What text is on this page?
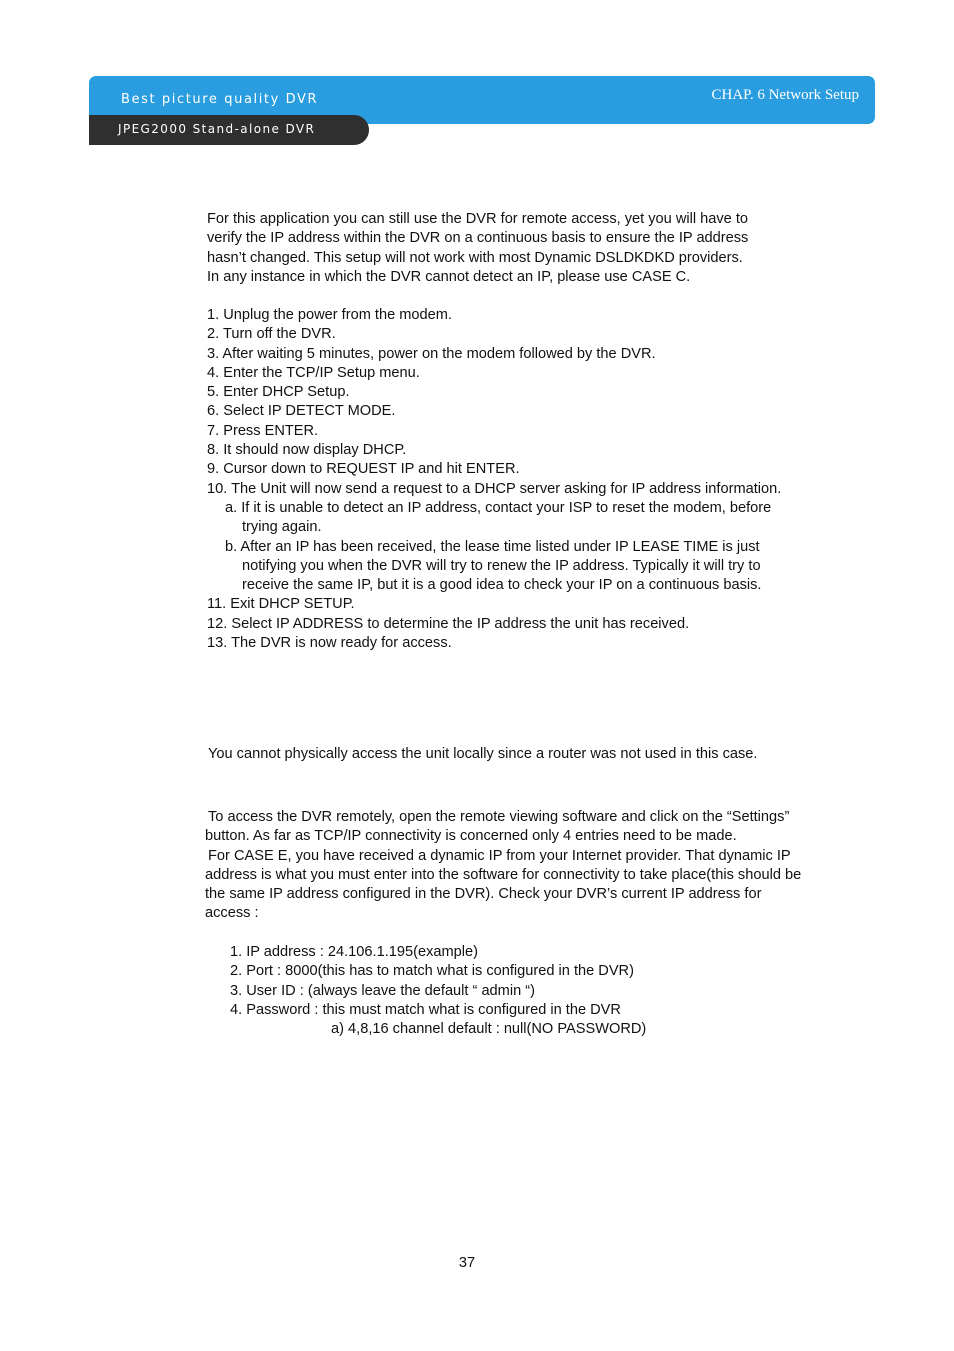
Best picture quality DVR	CHAP. 6 Network Setup
JPEG2000 Stand-alone DVR

For this application you can still use the DVR for remote access, yet you will have to

verify the IP address within the DVR on a continuous basis to ensure the IP address

hasn’t changed. This setup will not work with most Dynamic DSLDKDKD providers.

In any instance in which the DVR cannot detect an IP, please use CASE C.

1. Unplug the power from the modem.

2. Turn off the DVR.

3. After waiting 5 minutes, power on the modem followed by the DVR.

4. Enter the TCP/IP Setup menu.

5. Enter DHCP Setup.

6. Select IP DETECT MODE.

7. Press ENTER.

8. It should now display DHCP.

9. Cursor down to REQUEST IP and hit ENTER.

10. The Unit will now send a request to a DHCP server asking for IP address information.

a. If it is unable to detect an IP address, contact your ISP to reset the modem, before

trying again.

b. After an IP has been received, the lease time listed under IP LEASE TIME is just

notifying you when the DVR will try to renew the IP address. Typically it will try to

receive the same IP, but it is a good idea to check your IP on a continuous basis.

11. Exit DHCP SETUP.

12. Select IP ADDRESS to determine the IP address the unit has received.

13. The DVR is now ready for access.

You cannot physically access the unit locally since a router was not used in this case.

To access the DVR remotely, open the remote viewing software and click on the “Settings”

button. As far as TCP/IP connectivity is concerned only 4 entries need to be made.

For CASE E, you have received a dynamic IP from your Internet provider. That dynamic IP

address is what you must enter into the software for connectivity to take place(this should be

the same IP address configured in the DVR). Check your DVR’s current IP address for

access :

1. IP address : 24.106.1.195(example)

2. Port : 8000(this has to match what is configured in the DVR)

3. User ID : (always leave the default “ admin “)

4. Password : this must match what is configured in the DVR

a) 4,8,16 channel default : null(NO PASSWORD)

37
